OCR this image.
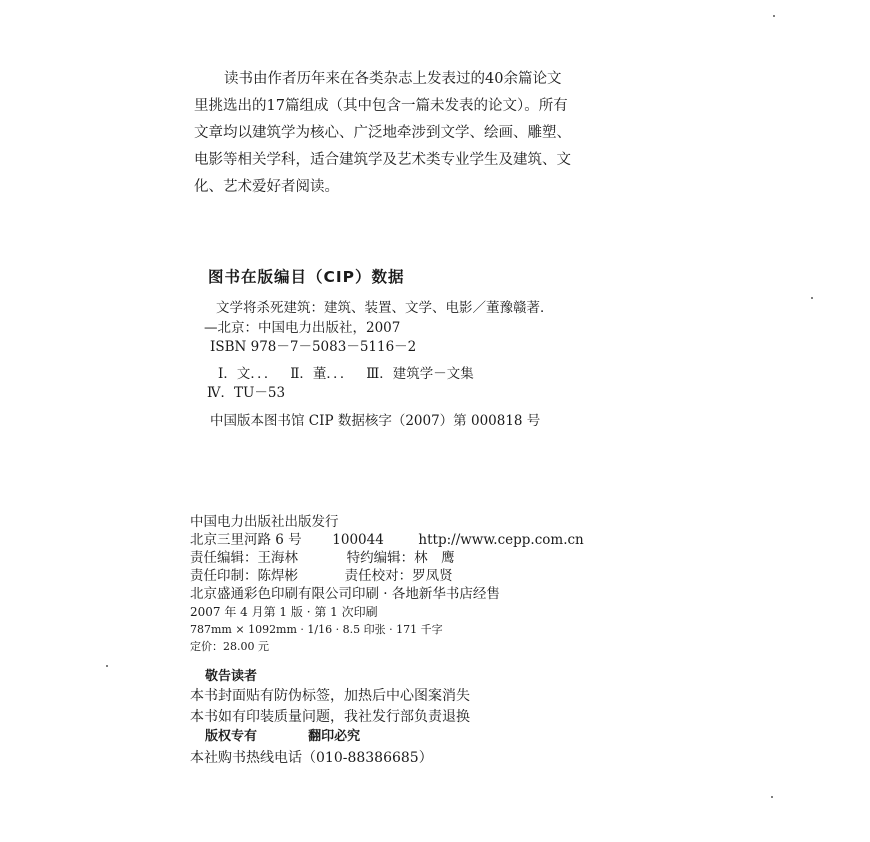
读书由作者历年来在各类杂志上发表过的40余篇论文

里挑选出的17篇组成（其中包含一篇未发表的论文）。所有

文章均以建筑学为核心、广泛地牵涉到文学、绘画、雕塑、

电影等相关学科，适合建筑学及艺术类专业学生及建筑、文

化、艺术爱好者阅读。

图书在版编目（CIP）数据
文学将杀死建筑：建筑、装置、文学、电影／董豫赣著．
—北京：中国电力出版社，2007
ISBN 978－7－5083－5116－2
Ⅰ．文．．．   Ⅱ．董．．．   Ⅲ．建筑学－文集
Ⅳ．TU－53
中国版本图书馆 CIP 数据核字（2007）第 000818 号
中国电力出版社出版发行
北京三里河路 6 号 100044	http://www.cepp.com.cn
责任编辑：王海林	特约编辑：林　鹰
责任印制：陈焊彬	责任校对：罗凤贤
北京盛通彩色印刷有限公司印刷 · 各地新华书店经售
2007 年 4 月第 1 版 · 第 1 次印刷
787mm × 1092mm · 1/16 · 8.5 印张 · 171 千字
定价：28.00 元
敬告读者
本书封面贴有防伪标签，加热后中心图案消失
本书如有印装质量问题，我社发行部负责退换
版权专有	翻印必究
本社购书热线电话（010-88386685）
